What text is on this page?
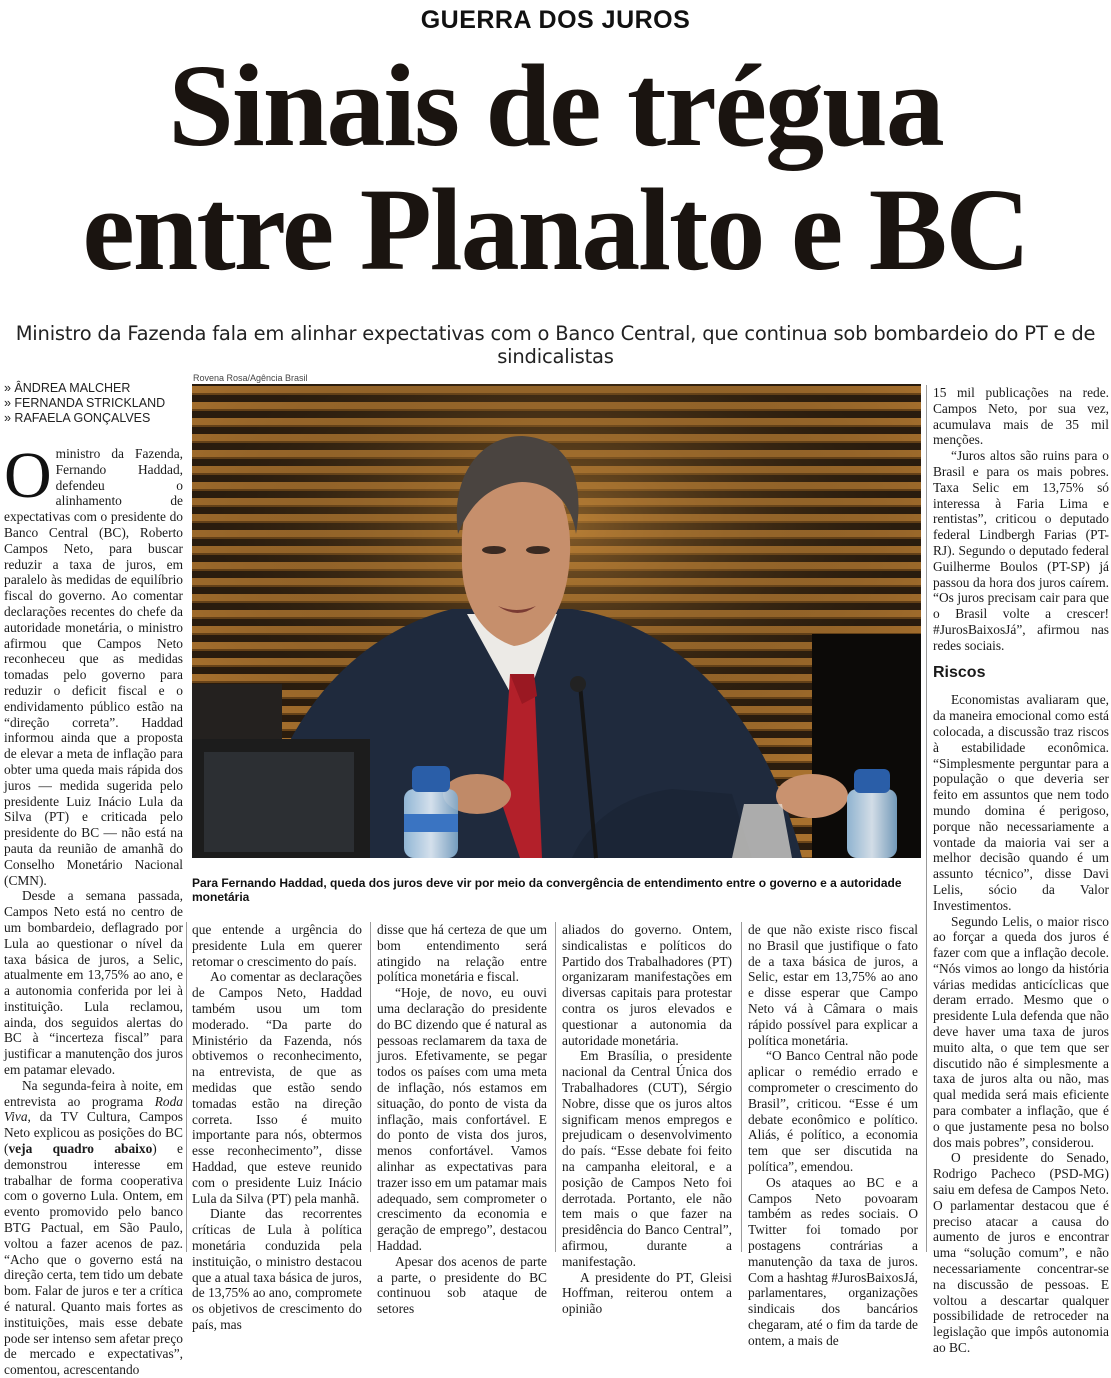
GUERRA DOS JUROS
Sinais de trégua
entre Planalto e BC
Ministro da Fazenda fala em alinhar expectativas com o Banco Central, que continua sob bombardeio do PT e de sindicalistas
» ÂNDREA MALCHER
» FERNANDA STRICKLAND
» RAFAELA GONÇALVES
Rovena Rosa/Agência Brasil
Para Fernando Haddad, queda dos juros deve vir por meio da convergência de entendimento entre o governo e a autoridade monetária

Oministro da Fazenda, Fernando Haddad, defendeu o alinhamento de expectativas com o presidente do Banco Central (BC), Roberto Campos Neto, para buscar reduzir a taxa de juros, em paralelo às medidas de equilíbrio fiscal do governo. Ao comentar declarações recentes do chefe da autoridade monetária, o ministro afirmou que Campos Neto reconheceu que as medidas tomadas pelo governo para reduzir o deficit fiscal e o endividamento público estão na “direção correta”. Haddad informou ainda que a proposta de elevar a meta de inflação para obter uma queda mais rápida dos juros — medida sugerida pelo presidente Luiz Inácio Lula da Silva (PT) e criticada pelo presidente do BC — não está na pauta da reunião de amanhã do Conselho Monetário Nacional (CMN).

Desde a semana passada, Campos Neto está no centro de um bombardeio, deflagrado por Lula ao questionar o nível da taxa básica de juros, a Selic, atualmente em 13,75% ao ano, e a autonomia conferida por lei à instituição. Lula reclamou, ainda, dos seguidos alertas do BC à “incerteza fiscal” para justificar a manutenção dos juros em patamar elevado.

Na segunda-feira à noite, em entrevista ao programa Roda Viva, da TV Cultura, Campos Neto explicou as posições do BC (veja quadro abaixo) e demonstrou interesse em trabalhar de forma cooperativa com o governo Lula. Ontem, em evento promovido pelo banco BTG Pactual, em São Paulo, voltou a fazer acenos de paz. “Acho que o governo está na direção certa, tem tido um debate bom. Falar de juros e ter a crítica é natural. Quanto mais fortes as instituições, mais esse debate pode ser intenso sem afetar preço de mercado e expectativas”, comentou, acrescentando

que entende a urgência do presidente Lula em querer retomar o crescimento do país.

Ao comentar as declarações de Campos Neto, Haddad também usou um tom moderado. “Da parte do Ministério da Fazenda, nós obtivemos o reconhecimento, na entrevista, de que as medidas que estão sendo tomadas estão na direção correta. Isso é muito importante para nós, obtermos esse reconhecimento”, disse Haddad, que esteve reunido com o presidente Luiz Inácio Lula da Silva (PT) pela manhã.

Diante das recorrentes críticas de Lula à política monetária conduzida pela instituição, o ministro destacou que a atual taxa básica de juros, de 13,75% ao ano, compromete os objetivos de crescimento do país, mas

disse que há certeza de que um bom entendimento será atingido na relação entre política monetária e fiscal.

“Hoje, de novo, eu ouvi uma declaração do presidente do BC dizendo que é natural as pessoas reclamarem da taxa de juros. Efetivamente, se pegar todos os países com uma meta de inflação, nós estamos em situação, do ponto de vista da inflação, mais confortável. E do ponto de vista dos juros, menos confortável. Vamos alinhar as expectativas para trazer isso em um patamar mais adequado, sem comprometer o crescimento da economia e geração de emprego”, destacou Haddad.

Apesar dos acenos de parte a parte, o presidente do BC continuou sob ataque de setores

aliados do governo. Ontem, sindicalistas e políticos do Partido dos Trabalhadores (PT) organizaram manifestações em diversas capitais para protestar contra os juros elevados e questionar a autonomia da autoridade monetária.

Em Brasília, o presidente nacional da Central Única dos Trabalhadores (CUT), Sérgio Nobre, disse que os juros altos significam menos empregos e prejudicam o desenvolvimento do país. “Esse debate foi feito na campanha eleitoral, e a posição de Campos Neto foi derrotada. Portanto, ele não tem mais o que fazer na presidência do Banco Central”, afirmou, durante a manifestação.

A presidente do PT, Gleisi Hoffman, reiterou ontem a opinião

de que não existe risco fiscal no Brasil que justifique o fato de a taxa básica de juros, a Selic, estar em 13,75% ao ano e disse esperar que Campo Neto vá à Câmara o mais rápido possível para explicar a política monetária.

“O Banco Central não pode aplicar o remédio errado e comprometer o crescimento do Brasil”, criticou. “Esse é um debate econômico e político. Aliás, é político, a economia tem que ser discutida na política”, emendou.

Os ataques ao BC e a Campos Neto povoaram também as redes sociais. O Twitter foi tomado por postagens contrárias a manutenção da taxa de juros. Com a hashtag #JurosBaixosJá, parlamentares, organizações sindicais dos bancários chegaram, até o fim da tarde de ontem, a mais de

15 mil publicações na rede. Campos Neto, por sua vez, acumulava mais de 35 mil menções.

“Juros altos são ruins para o Brasil e para os mais pobres. Taxa Selic em 13,75% só interessa à Faria Lima e rentistas”, criticou o deputado federal Lindbergh Farias (PT-RJ). Segundo o deputado federal Guilherme Boulos (PT-SP) já passou da hora dos juros caírem. “Os juros precisam cair para que o Brasil volte a crescer! #JurosBaixosJá”, afirmou nas redes sociais.

Riscos

Economistas avaliaram que, da maneira emocional como está colocada, a discussão traz riscos à estabilidade econômica. “Simplesmente perguntar para a população o que deveria ser feito em assuntos que nem todo mundo domina é perigoso, porque não necessariamente a vontade da maioria vai ser a melhor decisão quando é um assunto técnico”, disse Davi Lelis, sócio da Valor Investimentos.

Segundo Lelis, o maior risco ao forçar a queda dos juros é fazer com que a inflação decole. “Nós vimos ao longo da história várias medidas anticíclicas que deram errado. Mesmo que o presidente Lula defenda que não deve haver uma taxa de juros muito alta, o que tem que ser discutido não é simplesmente a taxa de juros alta ou não, mas qual medida será mais eficiente para combater a inflação, que é o que justamente pesa no bolso dos mais pobres”, considerou.

O presidente do Senado, Rodrigo Pacheco (PSD-MG) saiu em defesa de Campos Neto. O parlamentar destacou que é preciso atacar a causa do aumento de juros e encontrar uma “solução comum”, e não necessariamente concentrar-se na discussão de pessoas. E voltou a descartar qualquer possibilidade de retroceder na legislação que impôs autonomia ao BC.
